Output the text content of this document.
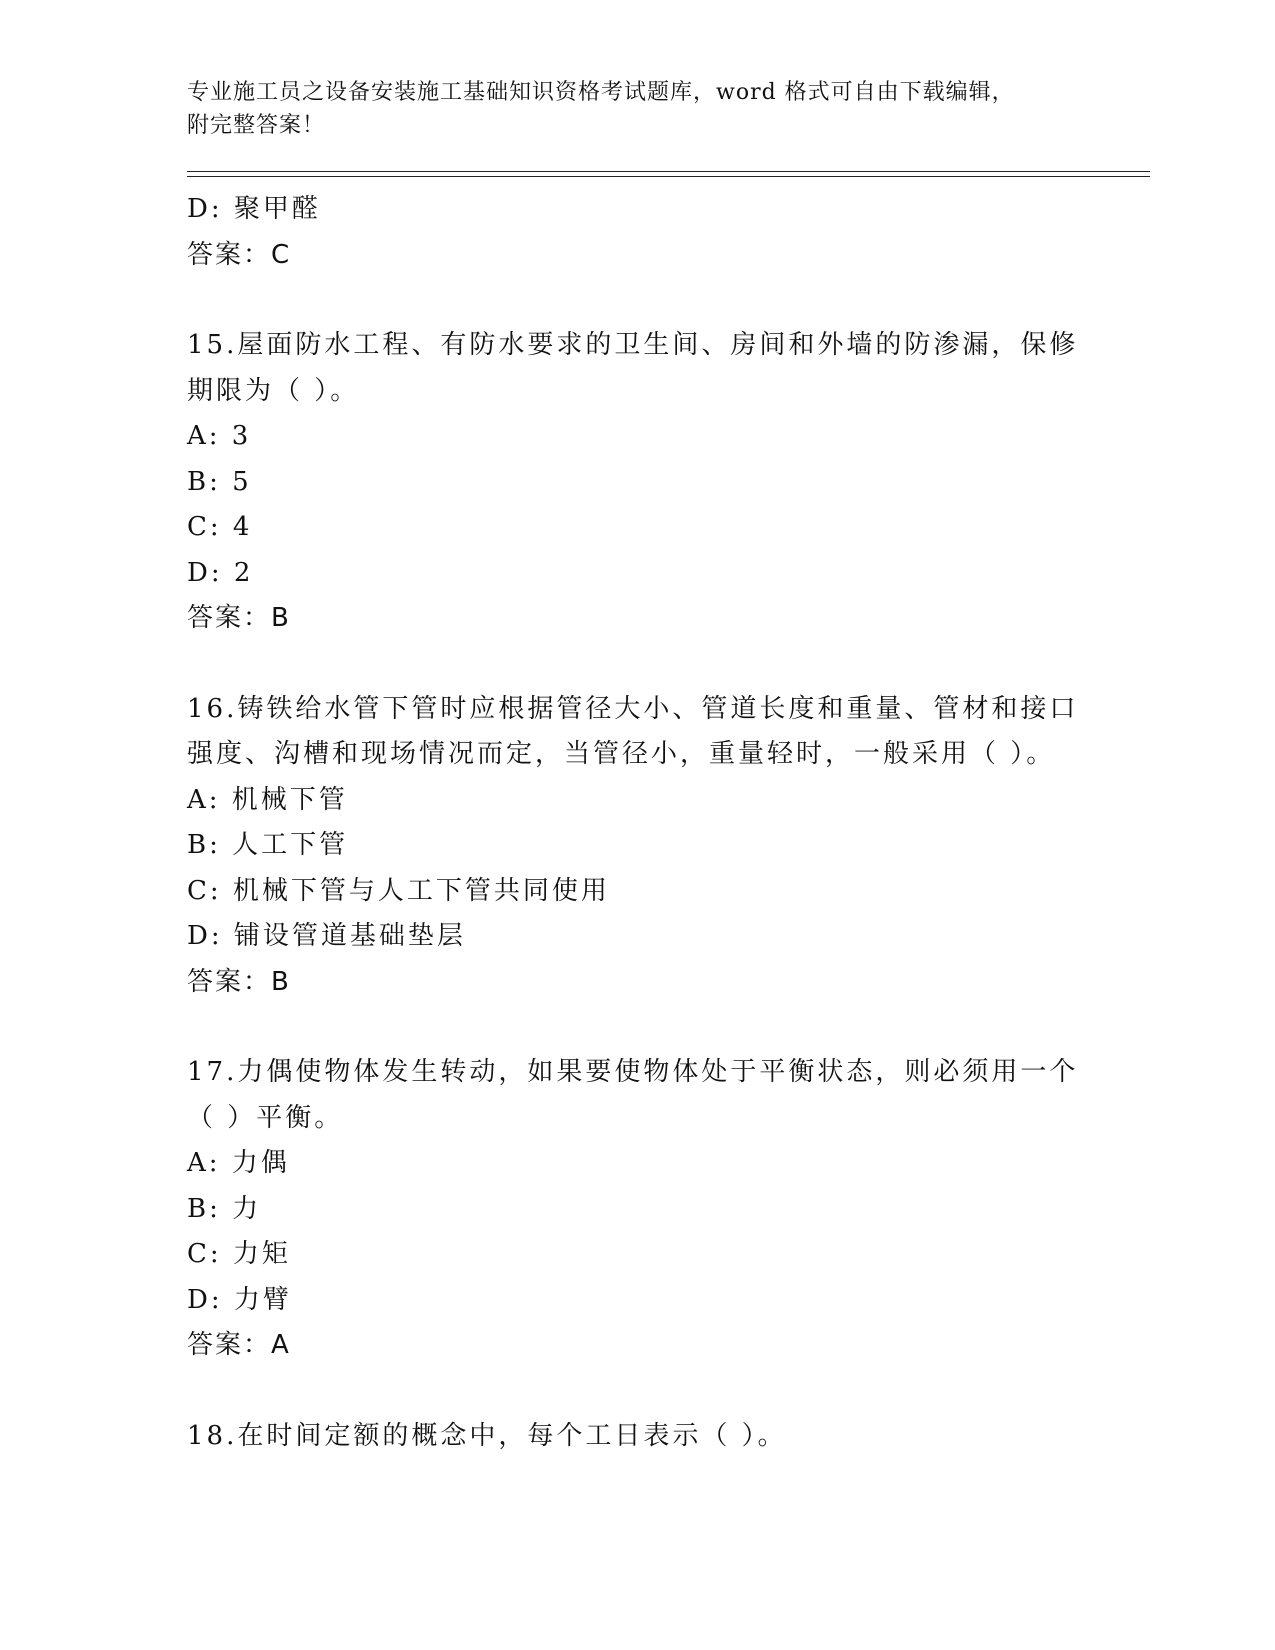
专业施工员之设备安装施工基础知识资格考试题库，word 格式可自由下载编辑，
附完整答案！
D: 聚甲醛
答案：C
15.屋面防水工程、有防水要求的卫生间、房间和外墙的防渗漏，保修
期限为（ ）。
A: 3
B: 5
C: 4
D: 2
答案：B
16.铸铁给水管下管时应根据管径大小、管道长度和重量、管材和接口
强度、沟槽和现场情况而定，当管径小，重量轻时，一般采用（ ）。
A: 机械下管
B: 人工下管
C: 机械下管与人工下管共同使用
D: 铺设管道基础垫层
答案：B
17.力偶使物体发生转动，如果要使物体处于平衡状态，则必须用一个
（ ）平衡。
A: 力偶
B: 力
C: 力矩
D: 力臂
答案：A
18.在时间定额的概念中，每个工日表示（ ）。
